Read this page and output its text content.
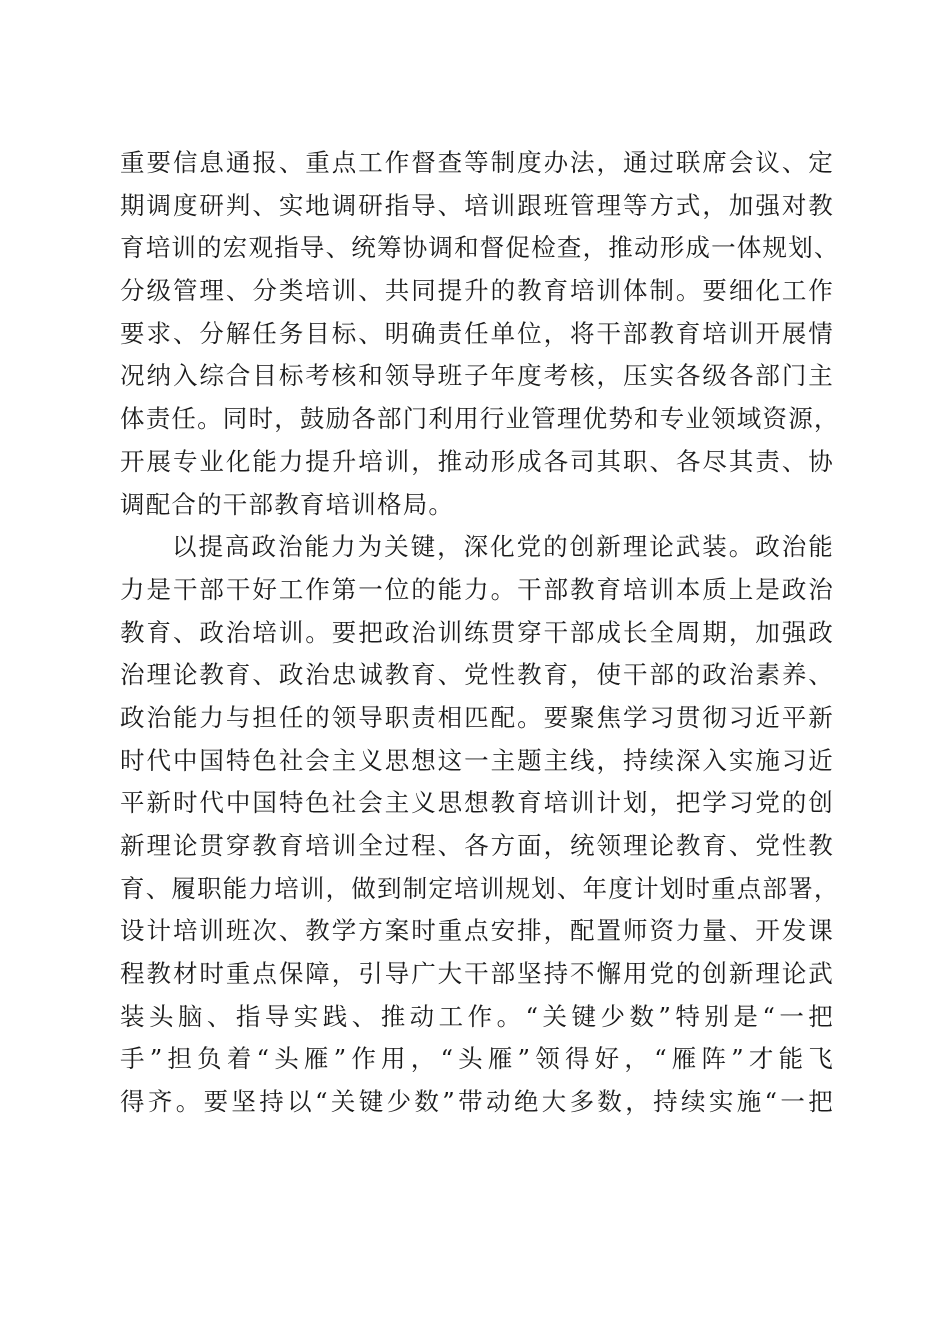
重要信息通报、重点工作督查等制度办法，通过联席会议、定
期调度研判、实地调研指导、培训跟班管理等方式，加强对教
育培训的宏观指导、统筹协调和督促检查，推动形成一体规划、
分级管理、分类培训、共同提升的教育培训体制。要细化工作
要求、分解任务目标、明确责任单位，将干部教育培训开展情
况纳入综合目标考核和领导班子年度考核，压实各级各部门主
体责任。同时，鼓励各部门利用行业管理优势和专业领域资源，
开展专业化能力提升培训，推动形成各司其职、各尽其责、协
调配合的干部教育培训格局。
以提高政治能力为关键，深化党的创新理论武装。政治能
力是干部干好工作第一位的能力。干部教育培训本质上是政治
教育、政治培训。要把政治训练贯穿干部成长全周期，加强政
治理论教育、政治忠诚教育、党性教育，使干部的政治素养、
政治能力与担任的领导职责相匹配。要聚焦学习贯彻习近平新
时代中国特色社会主义思想这一主题主线，持续深入实施习近
平新时代中国特色社会主义思想教育培训计划，把学习党的创
新理论贯穿教育培训全过程、各方面，统领理论教育、党性教
育、履职能力培训，做到制定培训规划、年度计划时重点部署，
设计培训班次、教学方案时重点安排，配置师资力量、开发课
程教材时重点保障，引导广大干部坚持不懈用党的创新理论武
装头脑、指导实践、推动工作。“关键少数”特别是“一把
手”担负着“头雁”作用，“头雁”领得好，“雁阵”才能飞
得齐。要坚持以“关键少数”带动绝大多数，持续实施“一把
